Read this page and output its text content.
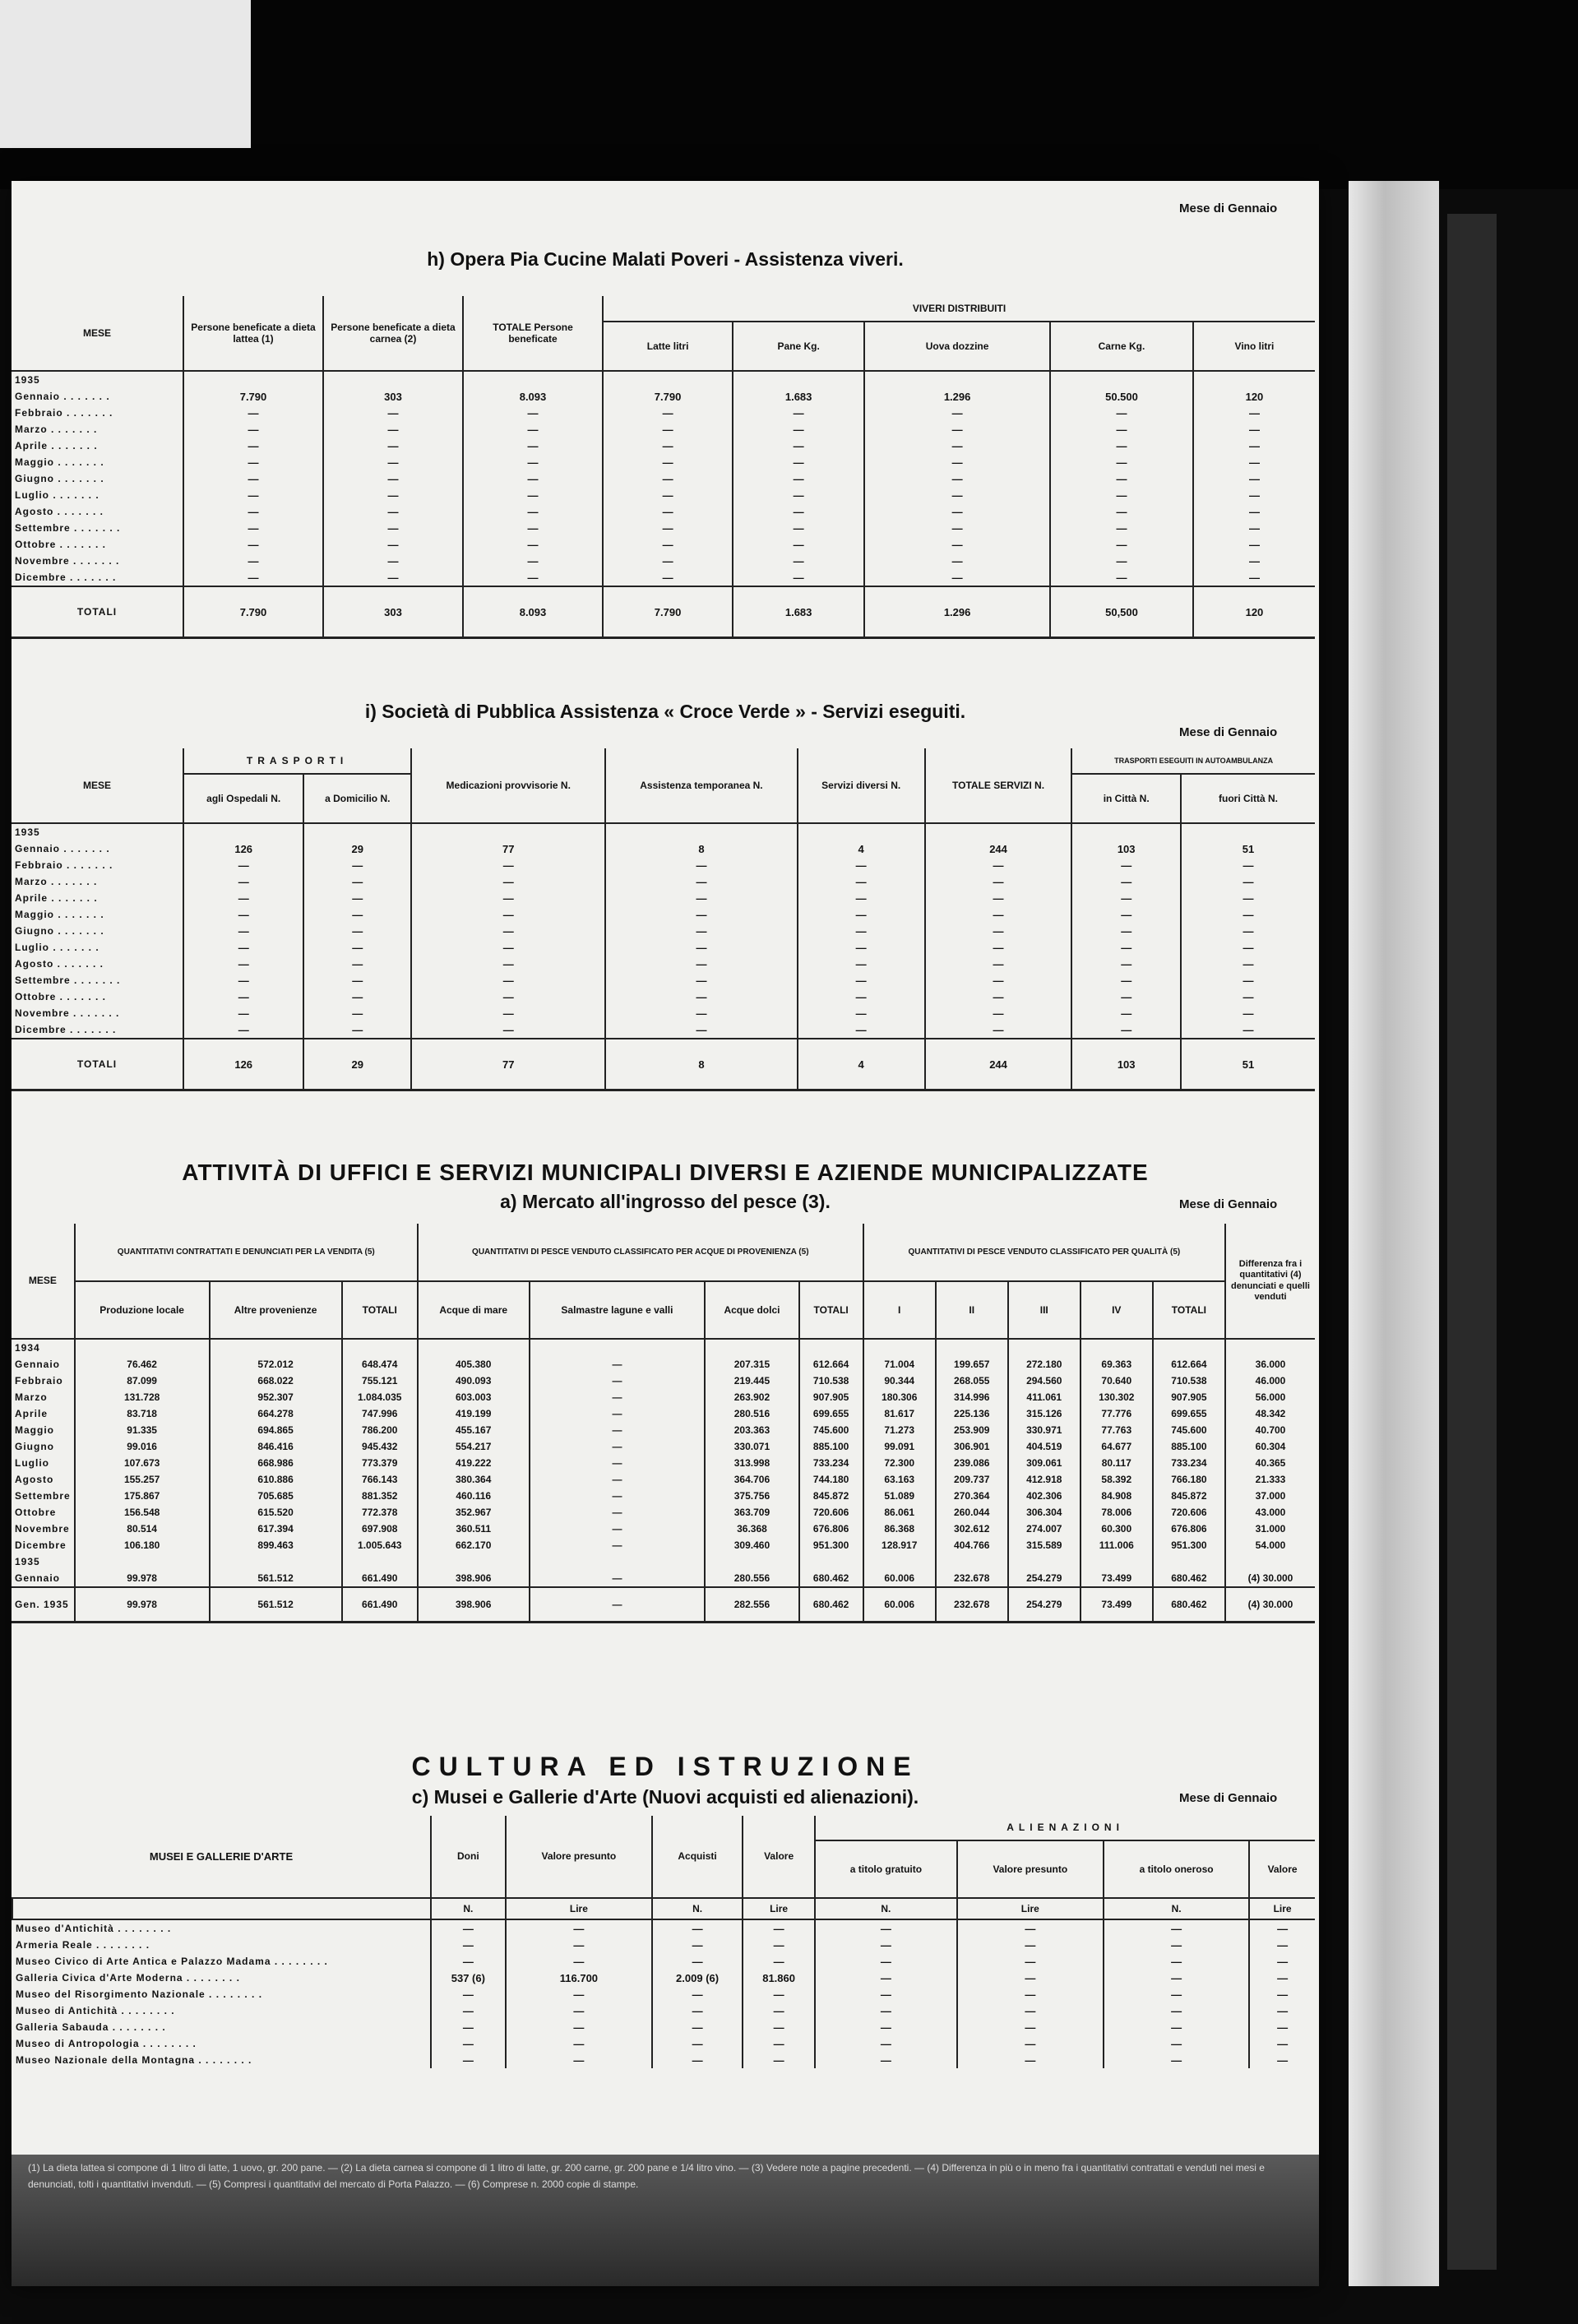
Mese di Gennaio
h) Opera Pia Cucine Malati Poveri - Assistenza viveri.
MESE	Persone beneficate a dieta lattea (1)	Persone beneficate a dieta carnea (2)	TOTALE Persone beneficate	VIVERI DISTRIBUITI				
				Latte litri	Pane Kg.	Uova dozzine	Carne Kg.	Vino litri
1935								
Gennaio . . . . . . .	7.790	303	8.093	7.790	1.683	1.296	50.500	120
Febbraio . . . . . . .	—	—	—	—	—	—	—	—
Marzo . . . . . . .	—	—	—	—	—	—	—	—
Aprile . . . . . . .	—	—	—	—	—	—	—	—
Maggio . . . . . . .	—	—	—	—	—	—	—	—
Giugno . . . . . . .	—	—	—	—	—	—	—	—
Luglio . . . . . . .	—	—	—	—	—	—	—	—
Agosto . . . . . . .	—	—	—	—	—	—	—	—
Settembre . . . . . . .	—	—	—	—	—	—	—	—
Ottobre . . . . . . .	—	—	—	—	—	—	—	—
Novembre . . . . . . .	—	—	—	—	—	—	—	—
Dicembre . . . . . . .	—	—	—	—	—	—	—	—
TOTALI	7.790	303	8.093	7.790	1.683	1.296	50,500	120
i) Società di Pubblica Assistenza « Croce Verde » - Servizi eseguiti.
Mese di Gennaio
MESE	TRASPORTI		Medicazioni provvisorie N.	Assistenza temporanea N.	Servizi diversi N.	TOTALE SERVIZI N.	TRASPORTI ESEGUITI IN AUTOAMBULANZA	
	agli Ospedali N.	a Domicilio N.					in Città N.	fuori Città N.
1935								
Gennaio . . . . . . .	126	29	77	8	4	244	103	51
Febbraio . . . . . . .	—	—	—	—	—	—	—	—
Marzo . . . . . . .	—	—	—	—	—	—	—	—
Aprile . . . . . . .	—	—	—	—	—	—	—	—
Maggio . . . . . . .	—	—	—	—	—	—	—	—
Giugno . . . . . . .	—	—	—	—	—	—	—	—
Luglio . . . . . . .	—	—	—	—	—	—	—	—
Agosto . . . . . . .	—	—	—	—	—	—	—	—
Settembre . . . . . . .	—	—	—	—	—	—	—	—
Ottobre . . . . . . .	—	—	—	—	—	—	—	—
Novembre . . . . . . .	—	—	—	—	—	—	—	—
Dicembre . . . . . . .	—	—	—	—	—	—	—	—
TOTALI	126	29	77	8	4	244	103	51
ATTIVITÀ DI UFFICI E SERVIZI MUNICIPALI DIVERSI E AZIENDE MUNICIPALIZZATE
a) Mercato all'ingrosso del pesce (3).	Mese di Gennaio
MESE	QUANTITATIVI CONTRATTATI E DENUNCIATI PER LA VENDITA (5)			QUANTITATIVI DI PESCE VENDUTO CLASSIFICATO PER ACQUE DI PROVENIENZA (5)				QUANTITATIVI DI PESCE VENDUTO CLASSIFICATO PER QUALITÀ (5)					Differenza fra i quantitativi (4) denunciati e quelli venduti
	Produzione locale	Altre provenienze	TOTALI	Acque di mare	Salmastre lagune e valli	Acque dolci	TOTALI	I	II	III	IV	TOTALI	
1934													
Gennaio	76.462	572.012	648.474	405.380	—	207.315	612.664	71.004	199.657	272.180	69.363	612.664	36.000
Febbraio	87.099	668.022	755.121	490.093	—	219.445	710.538	90.344	268.055	294.560	70.640	710.538	46.000
Marzo	131.728	952.307	1.084.035	603.003	—	263.902	907.905	180.306	314.996	411.061	130.302	907.905	56.000
Aprile	83.718	664.278	747.996	419.199	—	280.516	699.655	81.617	225.136	315.126	77.776	699.655	48.342
Maggio	91.335	694.865	786.200	455.167	—	203.363	745.600	71.273	253.909	330.971	77.763	745.600	40.700
Giugno	99.016	846.416	945.432	554.217	—	330.071	885.100	99.091	306.901	404.519	64.677	885.100	60.304
Luglio	107.673	668.986	773.379	419.222	—	313.998	733.234	72.300	239.086	309.061	80.117	733.234	40.365
Agosto	155.257	610.886	766.143	380.364	—	364.706	744.180	63.163	209.737	412.918	58.392	766.180	21.333
Settembre	175.867	705.685	881.352	460.116	—	375.756	845.872	51.089	270.364	402.306	84.908	845.872	37.000
Ottobre	156.548	615.520	772.378	352.967	—	363.709	720.606	86.061	260.044	306.304	78.006	720.606	43.000
Novembre	80.514	617.394	697.908	360.511	—	36.368	676.806	86.368	302.612	274.007	60.300	676.806	31.000
Dicembre	106.180	899.463	1.005.643	662.170	—	309.460	951.300	128.917	404.766	315.589	111.006	951.300	54.000
1935													
Gennaio	99.978	561.512	661.490	398.906	—	280.556	680.462	60.006	232.678	254.279	73.499	680.462	(4) 30.000
Gen. 1935	99.978	561.512	661.490	398.906	—	282.556	680.462	60.006	232.678	254.279	73.499	680.462	(4) 30.000
CULTURA ED ISTRUZIONE
c) Musei e Gallerie d'Arte (Nuovi acquisti ed alienazioni).	Mese di Gennaio
MUSEI E GALLERIE D'ARTE	Doni	Valore presunto	Acquisti	Valore	ALIENAZIONI			
					a titolo gratuito	Valore presunto	a titolo oneroso	Valore
	N.	Lire	N.	Lire	N.	Lire	N.	Lire
Museo d'Antichità . . . . . . . .	—	—	—	—	—	—	—	—
Armeria Reale . . . . . . . .	—	—	—	—	—	—	—	—
Museo Civico di Arte Antica e Palazzo Madama . . . . . . . .	—	—	—	—	—	—	—	—
Galleria Civica d'Arte Moderna . . . . . . . .	537 (6)	116.700	2.009 (6)	81.860	—	—	—	—
Museo del Risorgimento Nazionale . . . . . . . .	—	—	—	—	—	—	—	—
Museo di Antichità . . . . . . . .	—	—	—	—	—	—	—	—
Galleria Sabauda . . . . . . . .	—	—	—	—	—	—	—	—
Museo di Antropologia . . . . . . . .	—	—	—	—	—	—	—	—
Museo Nazionale della Montagna . . . . . . . .	—	—	—	—	—	—	—	—
(1) La dieta lattea si compone di 1 litro di latte, 1 uovo, gr. 200 pane. — (2) La dieta carnea si compone di 1 litro di latte, gr. 200 carne, gr. 200 pane e 1/4 litro vino. — (3) Vedere note a pagine precedenti. — (4) Differenza in più o in meno fra i quantitativi contrattati e venduti nei mesi e denunciati, tolti i quantitativi invenduti. — (5) Compresi i quantitativi del mercato di Porta Palazzo. — (6) Comprese n. 2000 copie di stampe.
